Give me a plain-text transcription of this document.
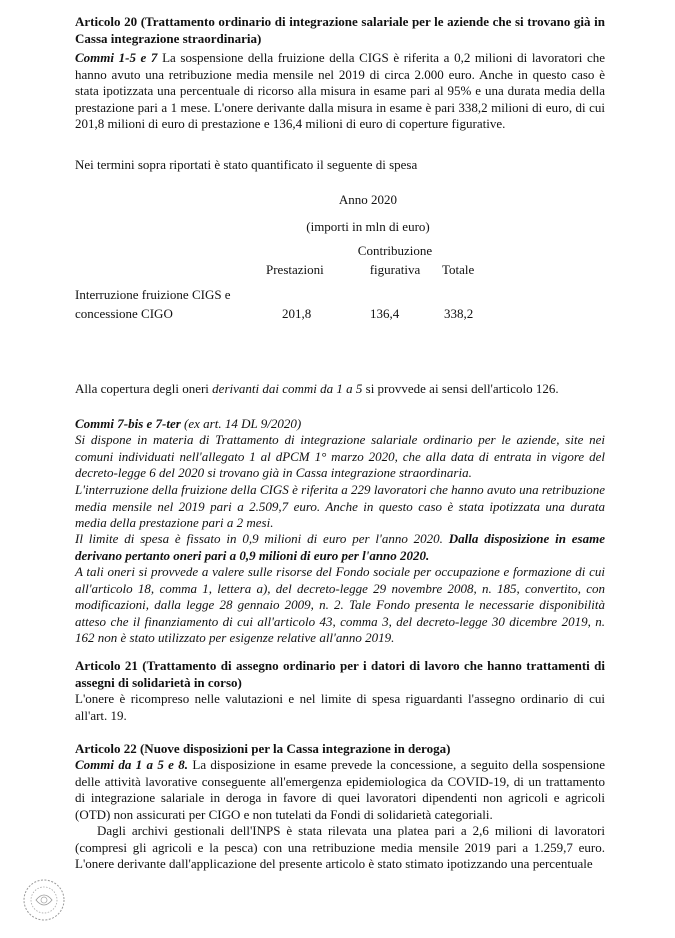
Articolo 20 (Trattamento ordinario di integrazione salariale per le aziende che si trovano già in Cassa integrazione straordinaria)

Commi 1-5 e 7 La sospensione della fruizione della CIGS è riferita a 0,2 milioni di lavoratori che hanno avuto una retribuzione media mensile nel 2019 di circa 2.000 euro. Anche in questo caso è stata ipotizzata una percentuale di ricorso alla misura in esame pari al 95% e una durata media della prestazione pari a 1 mese. L'onere derivante dalla misura in esame è pari 338,2 milioni di euro, di cui 201,8 milioni di euro di prestazione e 136,4 milioni di euro di coperture figurative.

Nei termini sopra riportati è stato quantificato il seguente di spesa

Anno 2020

(importi in mln di euro)

Contribuzione

Prestazioni	figurativa	Totale

Interruzione fruizione CIGS e

concessione CIGO	201,8	136,4	338,2

Alla copertura degli oneri derivanti dai commi da 1 a 5 si provvede ai sensi dell'articolo 126.

Commi 7-bis e 7-ter (ex art. 14 DL 9/2020)

Si dispone in materia di Trattamento di integrazione salariale ordinario per le aziende, site nei comuni individuati nell'allegato 1 al dPCM 1° marzo 2020, che alla data di entrata in vigore del decreto-legge 6 del 2020 si trovano già in Cassa integrazione straordinaria.

L'interruzione della fruizione della CIGS è riferita a 229 lavoratori che hanno avuto una retribuzione media mensile nel 2019 pari a 2.509,7 euro. Anche in questo caso è stata ipotizzata una durata media della prestazione pari a 2 mesi.

Il limite di spesa è fissato in 0,9 milioni di euro per l'anno 2020. Dalla disposizione in esame derivano pertanto oneri pari a 0,9 milioni di euro per l'anno 2020.

A tali oneri si provvede a valere sulle risorse del Fondo sociale per occupazione e formazione di cui all'articolo 18, comma 1, lettera a), del decreto-legge 29 novembre 2008, n. 185, convertito, con modificazioni, dalla legge 28 gennaio 2009, n. 2. Tale Fondo presenta le necessarie disponibilità atteso che il finanziamento di cui all'articolo 43, comma 3, del decreto-legge 30 dicembre 2019, n. 162 non è stato utilizzato per esigenze relative all'anno 2019.

Articolo 21 (Trattamento di assegno ordinario per i datori di lavoro che hanno trattamenti di assegni di solidarietà in corso)

L'onere è ricompreso nelle valutazioni e nel limite di spesa riguardanti l'assegno ordinario di cui all'art. 19.

Articolo 22 (Nuove disposizioni per la Cassa integrazione in deroga)

Commi da 1 a 5 e 8. La disposizione in esame prevede la concessione, a seguito della sospensione delle attività lavorative conseguente all'emergenza epidemiologica da COVID-19, di un trattamento di integrazione salariale in deroga in favore di quei lavoratori dipendenti non agricoli e agricoli (OTD) non assicurati per CIGO e non tutelati da Fondi di solidarietà categoriali.

Dagli archivi gestionali dell'INPS è stata rilevata una platea pari a 2,6 milioni di lavoratori (compresi gli agricoli e la pesca) con una retribuzione media mensile 2019 pari a 1.259,7 euro. L'onere derivante dall'applicazione del presente articolo è stato stimato ipotizzando una percentuale
